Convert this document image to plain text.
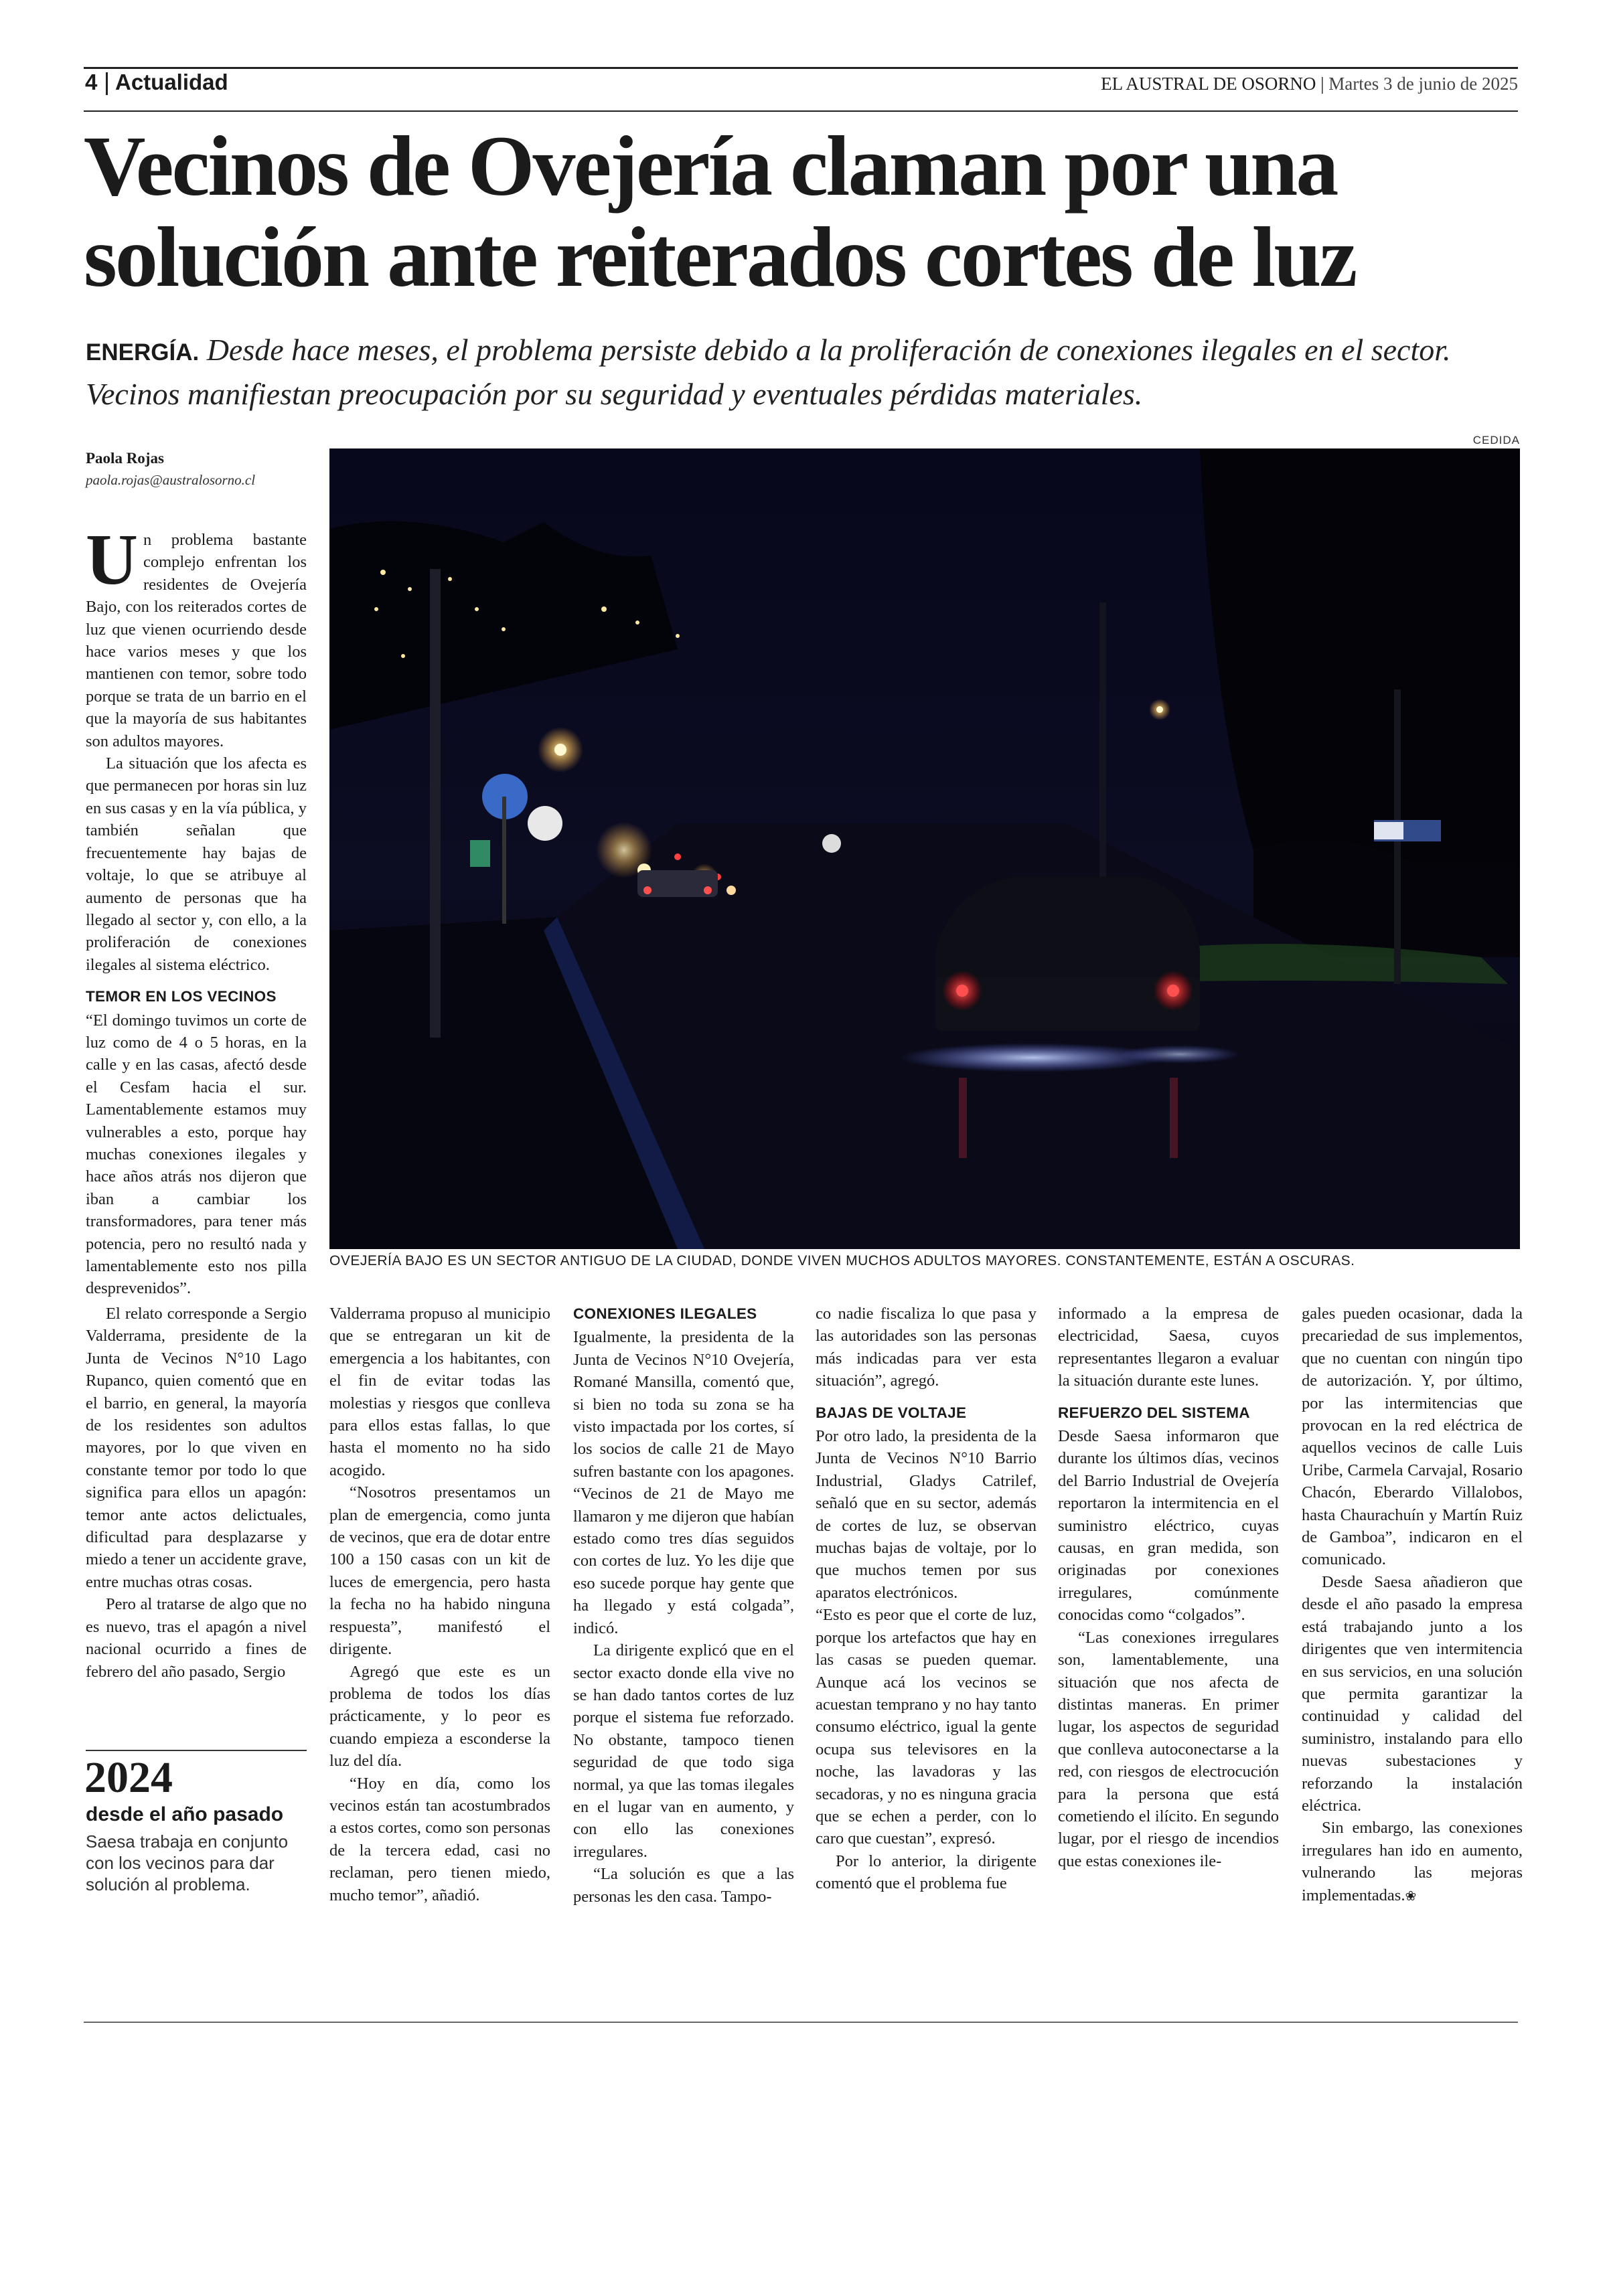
4 Actualidad	EL AUSTRAL DE OSORNO | Martes 3 de junio de 2025
Vecinos de Ovejería claman por una solución ante reiterados cortes de luz
ENERGÍA. Desde hace meses, el problema persiste debido a la proliferación de conexiones ilegales en el sector. Vecinos manifiestan preocupación por su seguridad y eventuales pérdidas materiales.
Paola Rojas
paola.rojas@australosorno.cl
CEDIDA
OVEJERÍA BAJO ES UN SECTOR ANTIGUO DE LA CIUDAD, DONDE VIVEN MUCHOS ADULTOS MAYORES. CONSTANTEMENTE, ESTÁN A OSCURAS.

Un problema bastante complejo enfrentan los residentes de Ovejería Bajo, con los reiterados cortes de luz que vienen ocurriendo desde hace varios meses y que los mantienen con temor, sobre todo porque se trata de un barrio en el que la mayoría de sus habitantes son adultos mayores.

La situación que los afecta es que permanecen por horas sin luz en sus casas y en la vía pública, y también señalan que frecuentemente hay bajas de voltaje, lo que se atribuye al aumento de personas que ha llegado al sector y, con ello, a la proliferación de conexiones ilegales al sistema eléctrico.

TEMOR EN LOS VECINOS

“El domingo tuvimos un corte de luz como de 4 o 5 horas, en la calle y en las casas, afectó desde el Cesfam hacia el sur. Lamentablemente estamos muy vulnerables a esto, porque hay muchas conexiones ilegales y hace años atrás nos dijeron que iban a cambiar los transformadores, para tener más potencia, pero no resultó nada y lamentablemente esto nos pilla desprevenidos”.

El relato corresponde a Sergio Valderrama, presidente de la Junta de Vecinos N°10 Lago Rupanco, quien comentó que en el barrio, en general, la mayoría de los residentes son adultos mayores, por lo que viven en constante temor por todo lo que significa para ellos un apagón: temor ante actos delictuales, dificultad para desplazarse y miedo a tener un accidente grave, entre muchas otras cosas.

Pero al tratarse de algo que no es nuevo, tras el apagón a nivel nacional ocurrido a fines de febrero del año pasado, Sergio

2024
desde el año pasado
Saesa trabaja en conjunto con los vecinos para dar solución al problema.

Valderrama propuso al municipio que se entregaran un kit de emergencia a los habitantes, con el fin de evitar todas las molestias y riesgos que conlleva para ellos estas fallas, lo que hasta el momento no ha sido acogido.

“Nosotros presentamos un plan de emergencia, como junta de vecinos, que era de dotar entre 100 a 150 casas con un kit de luces de emergencia, pero hasta la fecha no ha habido ninguna respuesta”, manifestó el dirigente.

Agregó que este es un problema de todos los días prácticamente, y lo peor es cuando empieza a esconderse la luz del día.

“Hoy en día, como los vecinos están tan acostumbrados a estos cortes, como son personas de la tercera edad, casi no reclaman, pero tienen miedo, mucho temor”, añadió.

CONEXIONES ILEGALES

Igualmente, la presidenta de la Junta de Vecinos N°10 Ovejería, Romané Mansilla, comentó que, si bien no toda su zona se ha visto impactada por los cortes, sí los socios de calle 21 de Mayo sufren bastante con los apagones. “Vecinos de 21 de Mayo me llamaron y me dijeron que habían estado como tres días seguidos con cortes de luz. Yo les dije que eso sucede porque hay gente que ha llegado y está colgada”, indicó.

La dirigente explicó que en el sector exacto donde ella vive no se han dado tantos cortes de luz porque el sistema fue reforzado. No obstante, tampoco tienen seguridad de que todo siga normal, ya que las tomas ilegales en el lugar van en aumento, y con ello las conexiones irregulares.

“La solución es que a las personas les den casa. Tampo-

co nadie fiscaliza lo que pasa y las autoridades son las personas más indicadas para ver esta situación”, agregó.

BAJAS DE VOLTAJE

Por otro lado, la presidenta de la Junta de Vecinos N°10 Barrio Industrial, Gladys Catrilef, señaló que en su sector, además de cortes de luz, se observan muchas bajas de voltaje, por lo que muchos temen por sus aparatos electrónicos.

“Esto es peor que el corte de luz, porque los artefactos que hay en las casas se pueden quemar. Aunque acá los vecinos se acuestan temprano y no hay tanto consumo eléctrico, igual la gente ocupa sus televisores en la noche, las lavadoras y las secadoras, y no es ninguna gracia que se echen a perder, con lo caro que cuestan”, expresó.

Por lo anterior, la dirigente comentó que el problema fue

informado a la empresa de electricidad, Saesa, cuyos representantes llegaron a evaluar la situación durante este lunes.

REFUERZO DEL SISTEMA

Desde Saesa informaron que durante los últimos días, vecinos del Barrio Industrial de Ovejería reportaron la intermitencia en el suministro eléctrico, cuyas causas, en gran medida, son originadas por conexiones irregulares, comúnmente conocidas como “colgados”.

“Las conexiones irregulares son, lamentablemente, una situación que nos afecta de distintas maneras. En primer lugar, los aspectos de seguridad que conlleva autoconectarse a la red, con riesgos de electrocución para la persona que está cometiendo el ilícito. En segundo lugar, por el riesgo de incendios que estas conexiones ile-

gales pueden ocasionar, dada la precariedad de sus implementos, que no cuentan con ningún tipo de autorización. Y, por último, por las intermitencias que provocan en la red eléctrica de aquellos vecinos de calle Luis Uribe, Carmela Carvajal, Rosario Chacón, Eberardo Villalobos, hasta Chaurachuín y Martín Ruiz de Gamboa”, indicaron en el comunicado.

Desde Saesa añadieron que desde el año pasado la empresa está trabajando junto a los dirigentes que ven intermitencia en sus servicios, en una solución que permita garantizar la continuidad y calidad del suministro, instalando para ello nuevas subestaciones y reforzando la instalación eléctrica.

Sin embargo, las conexiones irregulares han ido en aumento, vulnerando las mejoras implementadas.❀
